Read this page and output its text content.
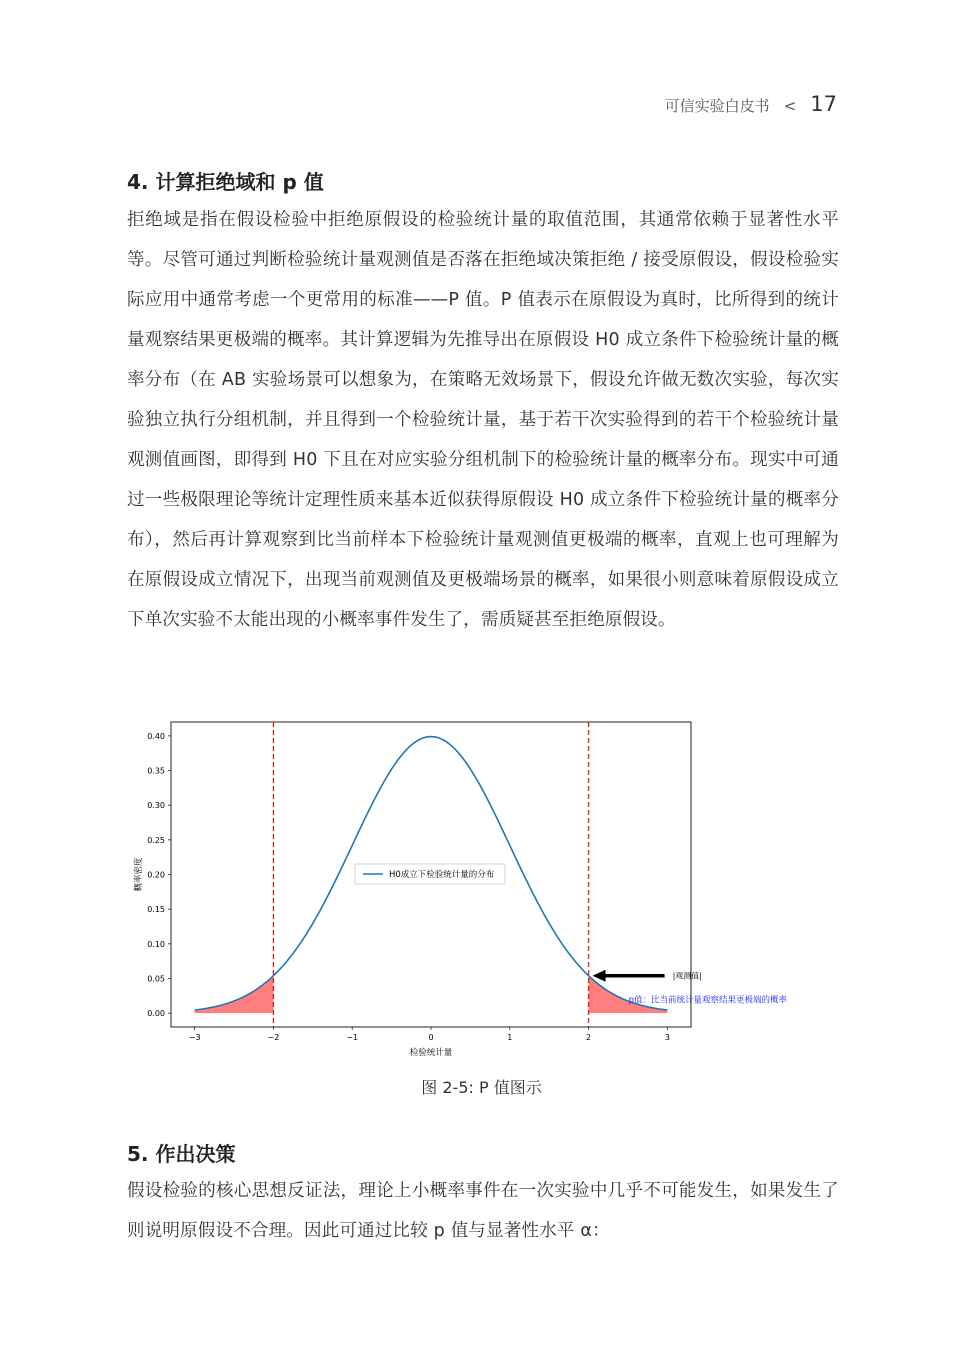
可信实验白皮书 < 17
4. 计算拒绝域和 p 值
拒绝域是指在假设检验中拒绝原假设的检验统计量的取值范围，其通常依赖于显著性水平等。尽管可通过判断检验统计量观测值是否落在拒绝域决策拒绝 / 接受原假设，假设检验实际应用中通常考虑一个更常用的标准——P 值。P 值表示在原假设为真时，比所得到的统计量观察结果更极端的概率。其计算逻辑为先推导出在原假设 H0 成立条件下检验统计量的概率分布（在 AB 实验场景可以想象为，在策略无效场景下，假设允许做无数次实验，每次实验独立执行分组机制，并且得到一个检验统计量，基于若干次实验得到的若干个检验统计量观测值画图，即得到 H0 下且在对应实验分组机制下的检验统计量的概率分布。现实中可通过一些极限理论等统计定理性质来基本近似获得原假设 H0 成立条件下检验统计量的概率分布），然后再计算观察到比当前样本下检验统计量观测值更极端的概率，直观上也可理解为在原假设成立情况下，出现当前观测值及更极端场景的概率，如果很小则意味着原假设成立下单次实验不太能出现的小概率事件发生了，需质疑甚至拒绝原假设。
−3	−2	−1	0	1	2	3
0.00
0.05
0.10
0.15
0.20
0.25
0.30
0.35
0.40
H0成立下检验统计量的分布
概率密度
检验统计量
|观测值|
p值：比当前统计量观察结果更极端的概率
图 2-5: P 值图示
5. 作出决策
假设检验的核心思想反证法，理论上小概率事件在一次实验中几乎不可能发生，如果发生了则说明原假设不合理。因此可通过比较 p 值与显著性水平 α：
